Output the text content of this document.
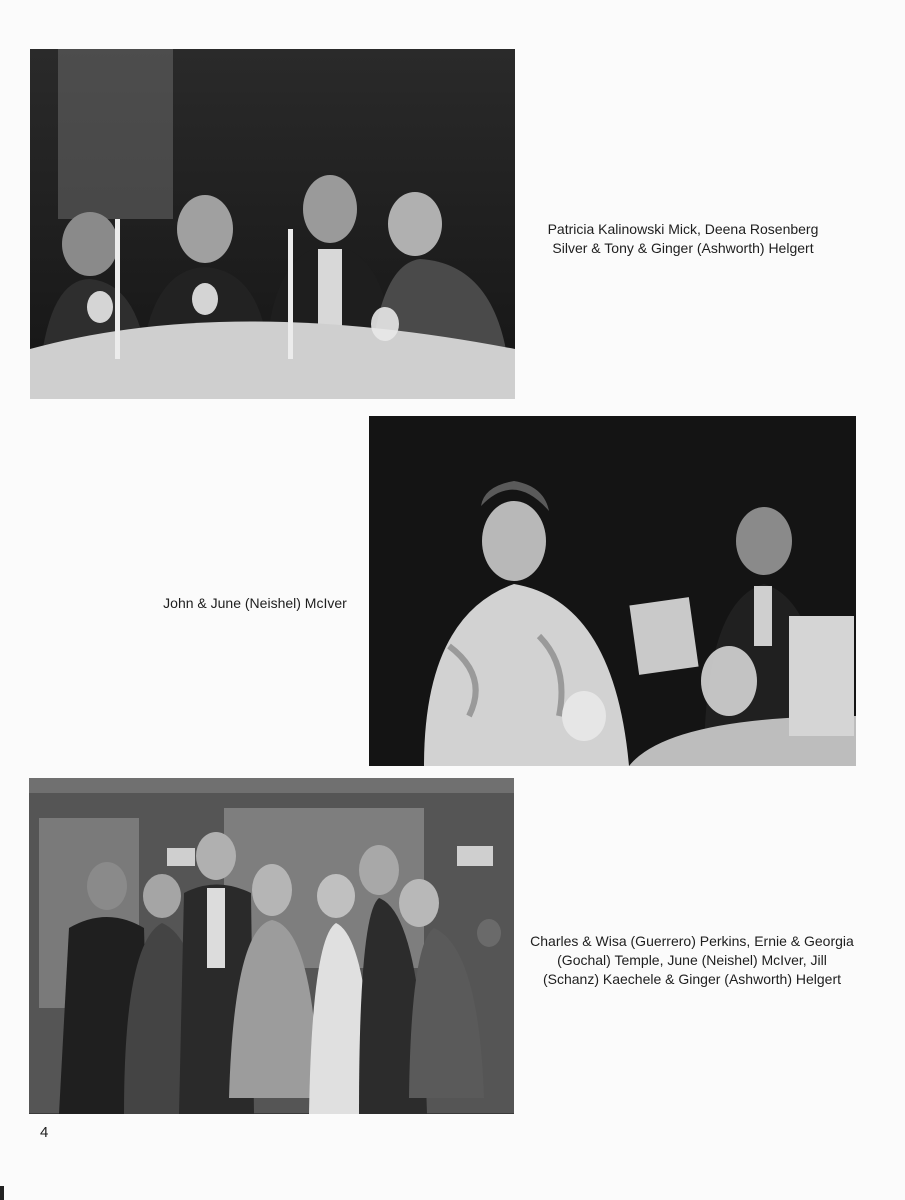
Patricia Kalinowski Mick, Deena Rosenberg
Silver & Tony & Ginger (Ashworth) Helgert
John & June (Neishel) McIver
Charles & Wisa (Guerrero) Perkins, Ernie & Georgia
(Gochal) Temple, June (Neishel) McIver, Jill
(Schanz) Kaechele & Ginger (Ashworth) Helgert
4
